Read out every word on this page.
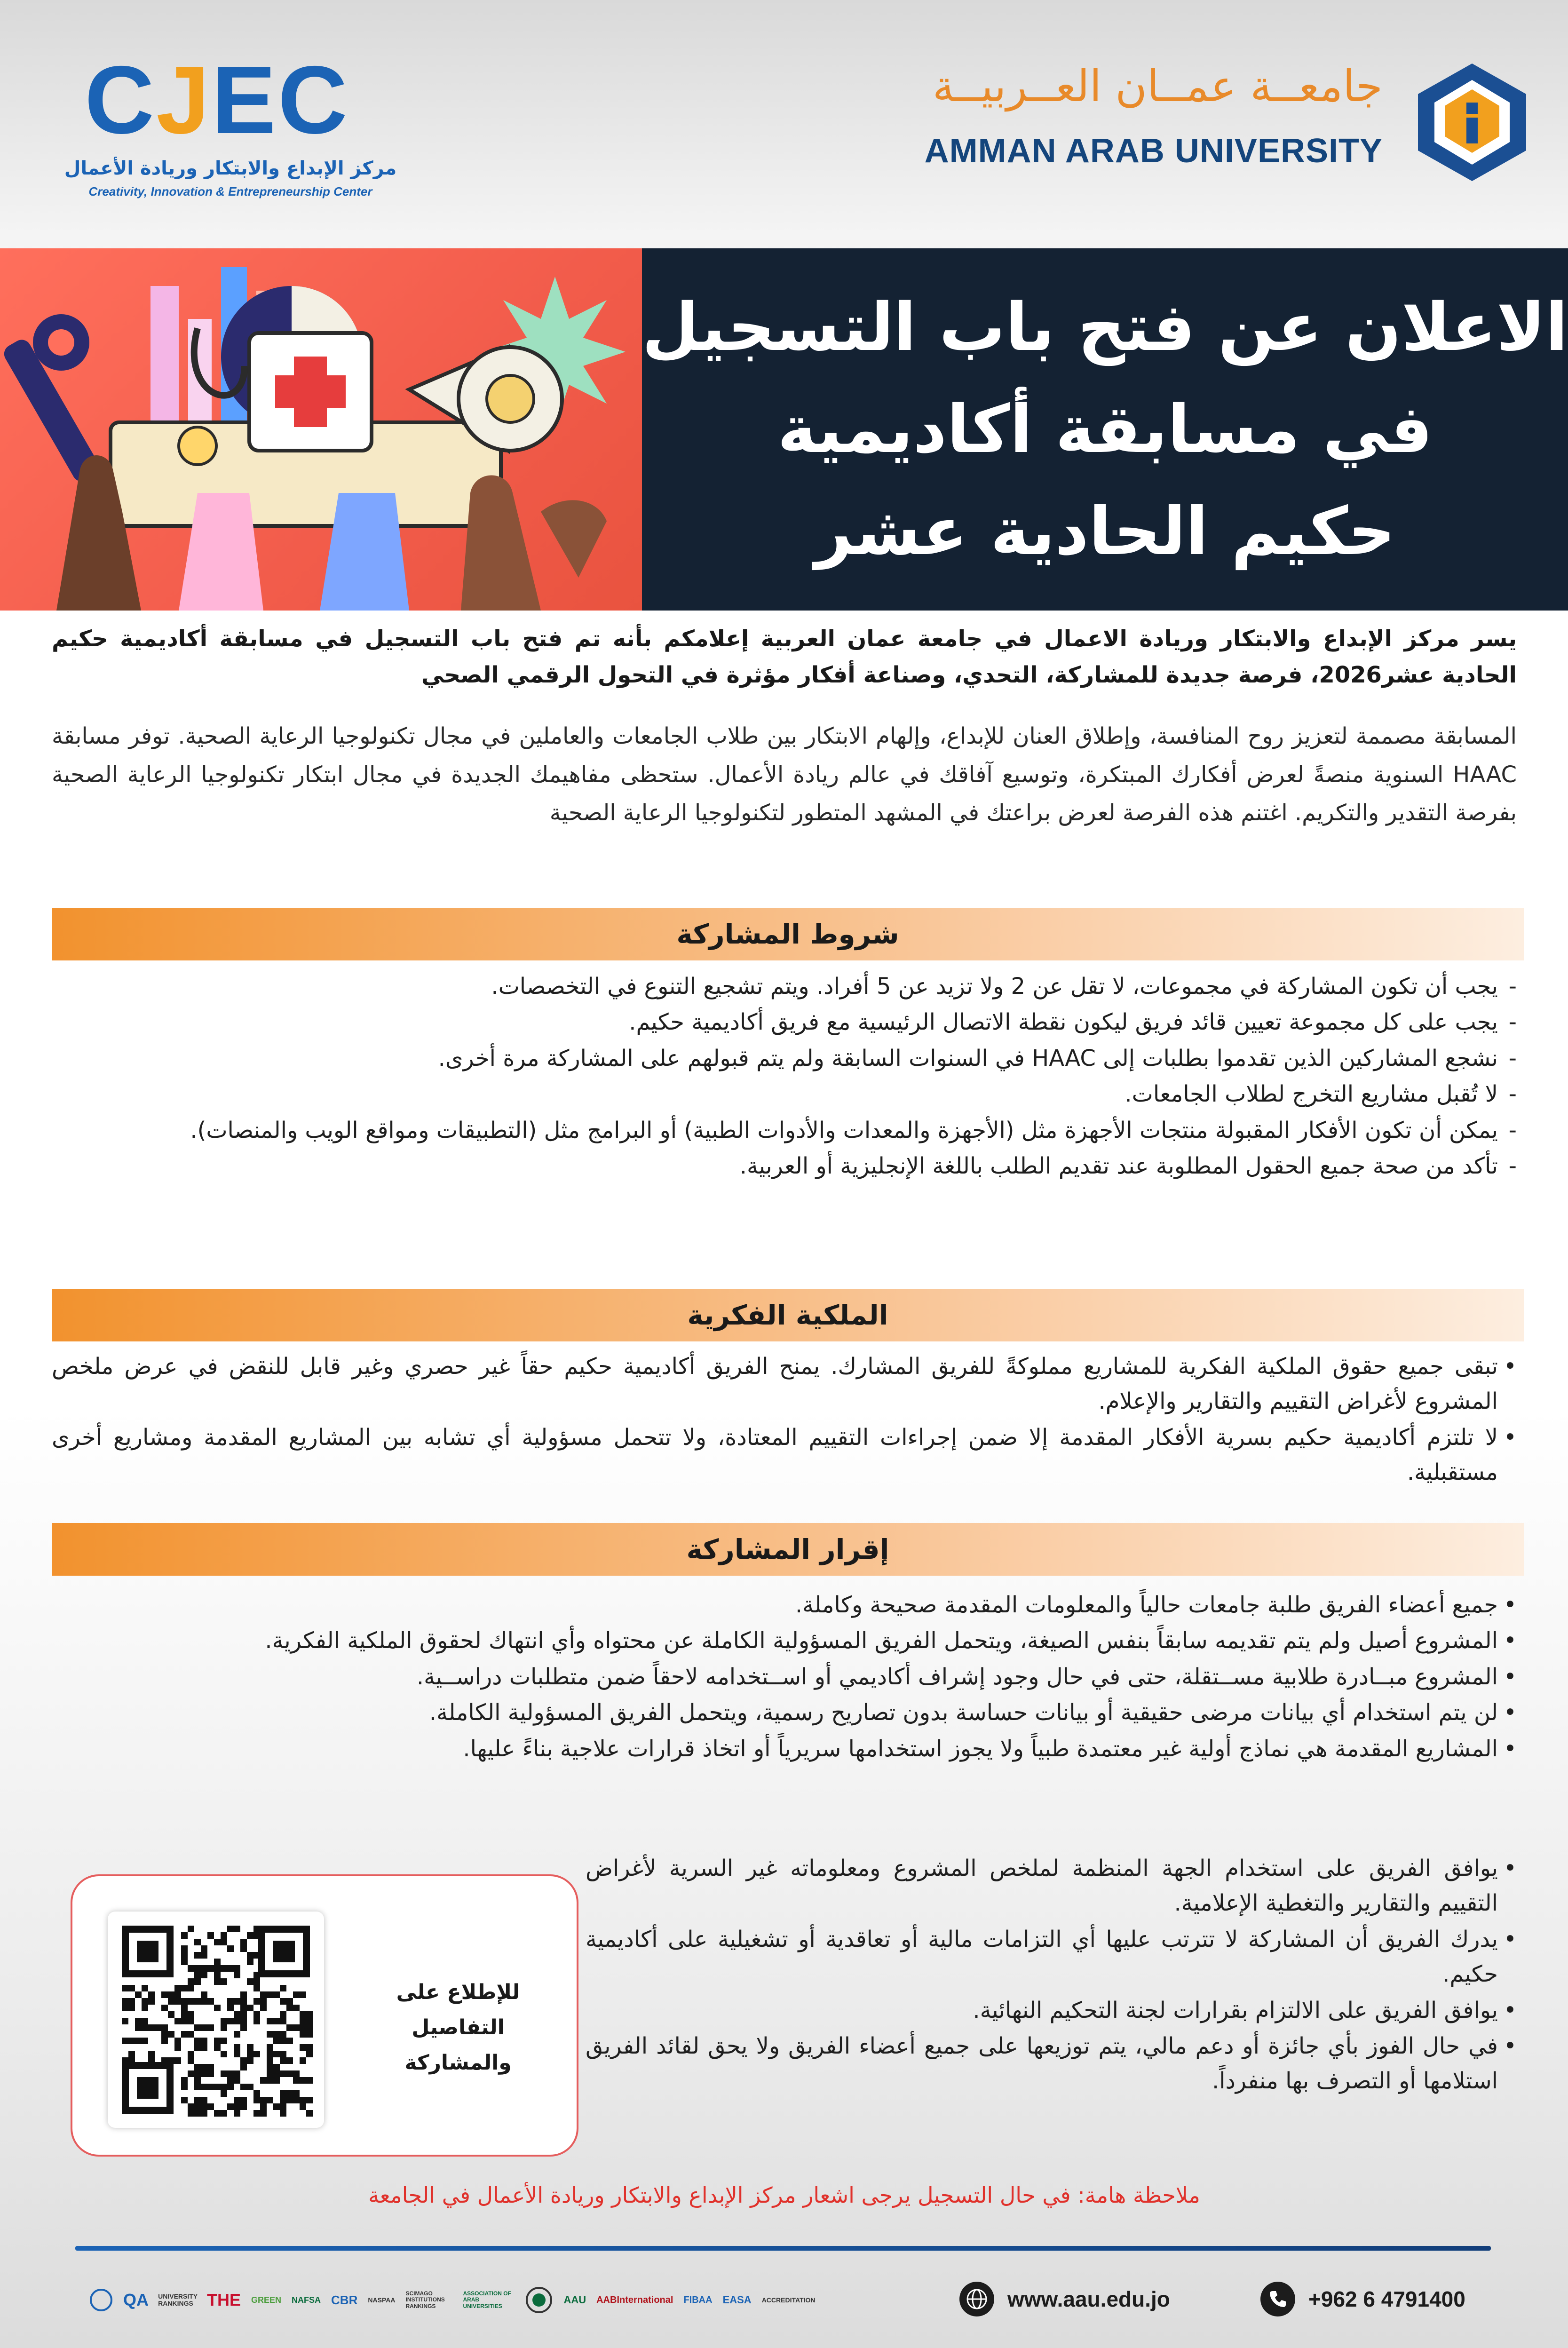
CJEC
مركز الإبداع والابتكار وريادة الأعمال
Creativity, Innovation & Entrepreneurship Center
جامعــة عمــان العــربيــة
AMMAN ARAB UNIVERSITY
الاعلان عن فتح باب التسجيل
في مسابقة أكاديمية
حكيم الحادية عشر

يسر مركز الإبداع والابتكار وريادة الاعمال في جامعة عمان العربية إعلامكم بأنه تم فتح باب التسجيل في مسابقة أكاديمية حكيم الحادية عشر2026، فرصة جديدة للمشاركة، التحدي، وصناعة أفكار مؤثرة في التحول الرقمي الصحي

المسابقة مصممة لتعزيز روح المنافسة، وإطلاق العنان للإبداع، وإلهام الابتكار بين طلاب الجامعات والعاملين في مجال تكنولوجيا الرعاية الصحية. توفر مسابقة HAAC السنوية منصةً لعرض أفكارك المبتكرة، وتوسيع آفاقك في عالم ريادة الأعمال. ستحظى مفاهيمك الجديدة في مجال ابتكار تكنولوجيا الرعاية الصحية بفرصة التقدير والتكريم. اغتنم هذه الفرصة لعرض براعتك في المشهد المتطور لتكنولوجيا الرعاية الصحية

شروط المشاركة
- يجب أن تكون المشاركة في مجموعات، لا تقل عن 2 ولا تزيد عن 5 أفراد. ويتم تشجيع التنوع في التخصصات.
- يجب على كل مجموعة تعيين قائد فريق ليكون نقطة الاتصال الرئيسية مع فريق أكاديمية حكيم.
- نشجع المشاركين الذين تقدموا بطلبات إلى HAAC في السنوات السابقة ولم يتم قبولهم على المشاركة مرة أخرى.
- لا تُقبل مشاريع التخرج لطلاب الجامعات.
- يمكن أن تكون الأفكار المقبولة منتجات الأجهزة مثل (الأجهزة والمعدات والأدوات الطبية) أو البرامج مثل (التطبيقات ومواقع الويب والمنصات).
- تأكد من صحة جميع الحقول المطلوبة عند تقديم الطلب باللغة الإنجليزية أو العربية.
الملكية الفكرية
• تبقى جميع حقوق الملكية الفكرية للمشاريع مملوكةً للفريق المشارك. يمنح الفريق أكاديمية حكيم حقاً غير حصري وغير قابل للنقض في عرض ملخص المشروع لأغراض التقييم والتقارير والإعلام.
• لا تلتزم أكاديمية حكيم بسرية الأفكار المقدمة إلا ضمن إجراءات التقييم المعتادة، ولا تتحمل مسؤولية أي تشابه بين المشاريع المقدمة ومشاريع أخرى مستقبلية.
إقرار المشاركة
• جميع أعضاء الفريق طلبة جامعات حالياً والمعلومات المقدمة صحيحة وكاملة.
• المشروع أصيل ولم يتم تقديمه سابقاً بنفس الصيغة، ويتحمل الفريق المسؤولية الكاملة عن محتواه وأي انتهاك لحقوق الملكية الفكرية.
• المشروع مبــادرة طلابية مســتقلة، حتى في حال وجود إشراف أكاديمي أو اســتخدامه لاحقاً ضمن متطلبات دراســية.
• لن يتم استخدام أي بيانات مرضى حقيقية أو بيانات حساسة بدون تصاريح رسمية، ويتحمل الفريق المسؤولية الكاملة.
• المشاريع المقدمة هي نماذج أولية غير معتمدة طبياً ولا يجوز استخدامها سريرياً أو اتخاذ قرارات علاجية بناءً عليها.
• يوافق الفريق على استخدام الجهة المنظمة لملخص المشروع ومعلوماته غير السرية لأغراض التقييم والتقارير والتغطية الإعلامية.
• يدرك الفريق أن المشاركة لا تترتب عليها أي التزامات مالية أو تعاقدية أو تشغيلية على أكاديمية حكيم.
• يوافق الفريق على الالتزام بقرارات لجنة التحكيم النهائية.
• في حال الفوز بأي جائزة أو دعم مالي، يتم توزيعها على جميع أعضاء الفريق ولا يحق لقائد الفريق استلامها أو التصرف بها منفرداً.
للإطلاع على
التفاصيل والمشاركة

ملاحظة هامة: في حال التسجيل يرجى اشعار مركز الإبداع والابتكار وريادة الأعمال في الجامعة

QA UNIVERSITY RANKINGS THE GREEN NAFSA CBR NASPAA
SCIMAGO INSTITUTIONS RANKINGS
ASSOCIATION OF ARAB UNIVERSITIES
AAU AABInternational FIBAA EASA ACCREDITATION	www.aau.edu.jo	+962 6 4791400
